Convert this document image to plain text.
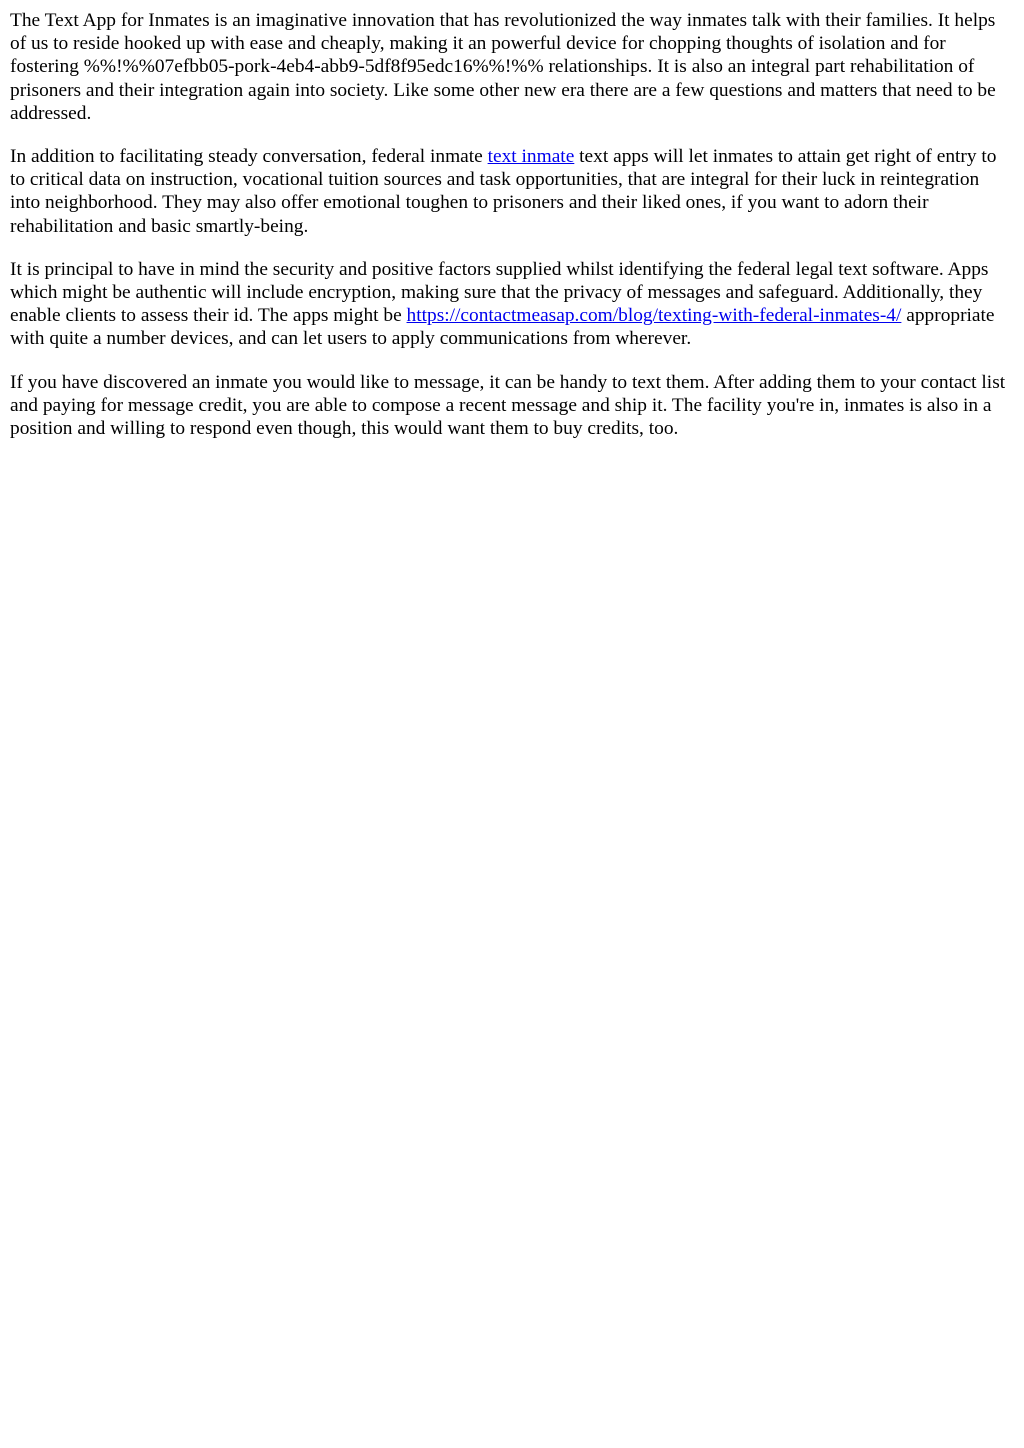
The Text App for Inmates is an imaginative innovation that has revolutionized the way inmates talk with their families. It helps of us to reside hooked up with ease and cheaply, making it an powerful device for chopping thoughts of isolation and for fostering %%!%%07efbb05-pork-4eb4-abb9-5df8f95edc16%%!%% relationships. It is also an integral part rehabilitation of prisoners and their integration again into society. Like some other new era there are a few questions and matters that need to be addressed.

In addition to facilitating steady conversation, federal inmate text inmate text apps will let inmates to attain get right of entry to to critical data on instruction, vocational tuition sources and task opportunities, that are integral for their luck in reintegration into neighborhood. They may also offer emotional toughen to prisoners and their liked ones, if you want to adorn their rehabilitation and basic smartly-being.

It is principal to have in mind the security and positive factors supplied whilst identifying the federal legal text software. Apps which might be authentic will include encryption, making sure that the privacy of messages and safeguard. Additionally, they enable clients to assess their id. The apps might be https://contactmeasap.com/blog/texting-with-federal-inmates-4/ appropriate with quite a number devices, and can let users to apply communications from wherever.

If you have discovered an inmate you would like to message, it can be handy to text them. After adding them to your contact list and paying for message credit, you are able to compose a recent message and ship it. The facility you're in, inmates is also in a position and willing to respond even though, this would want them to buy credits, too.
